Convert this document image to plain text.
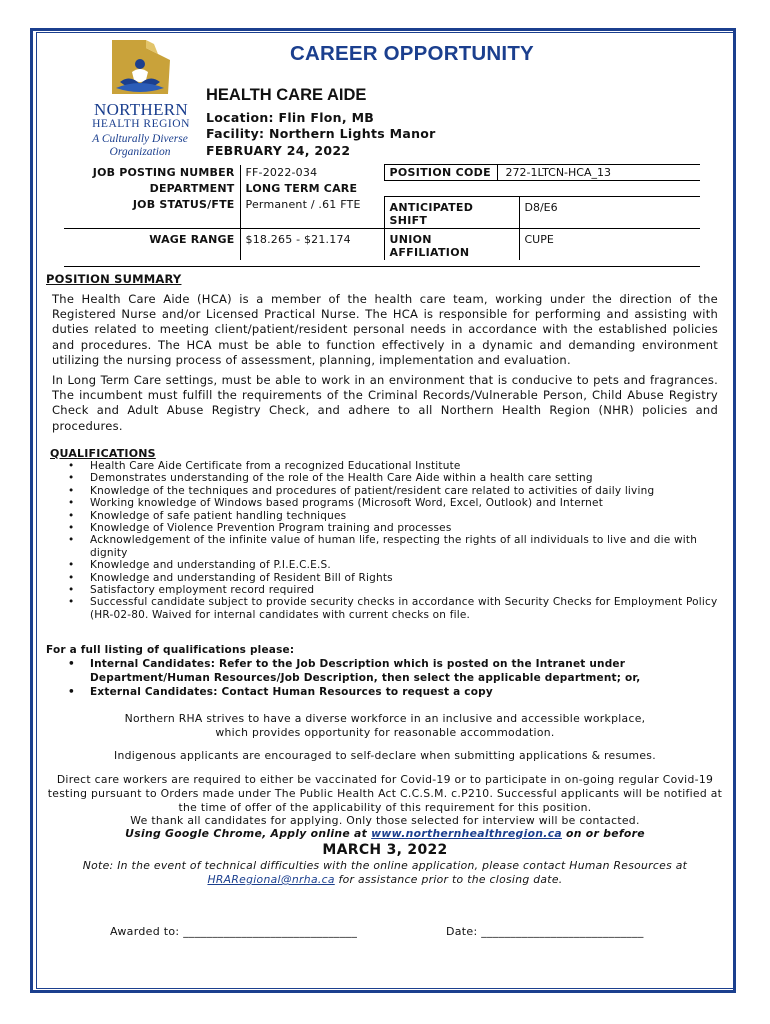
NORTHERN
HEALTH REGION
A Culturally Diverse
Organization
CAREER OPPORTUNITY
HEALTH CARE AIDE
Location: Flin Flon, MB
Facility: Northern Lights Manor
FEBRUARY 24, 2022
JOB POSTING NUMBER	FF-2022-034	POSITION CODE	272-1LTCN-HCA_13	
DEPARTMENT	LONG TERM CARE			
JOB STATUS/FTE	Permanent / .61 FTE	ANTICIPATED SHIFT		D8/E6
WAGE RANGE	$18.265 - $21.174	UNION AFFILIATION		CUPE

POSITION SUMMARY
The Health Care Aide (HCA) is a member of the health care team, working under the direction of the Registered Nurse and/or Licensed Practical Nurse. The HCA is responsible for performing and assisting with duties related to meeting client/patient/resident personal needs in accordance with the established policies and procedures. The HCA must be able to function effectively in a dynamic and demanding environment utilizing the nursing process of assessment, planning, implementation and evaluation.
In Long Term Care settings, must be able to work in an environment that is conducive to pets and fragrances. The incumbent must fulfill the requirements of the Criminal Records/Vulnerable Person, Child Abuse Registry Check and Adult Abuse Registry Check, and adhere to all Northern Health Region (NHR) policies and procedures.
QUALIFICATIONS
• Health Care Aide Certificate from a recognized Educational Institute
• Demonstrates understanding of the role of the Health Care Aide within a health care setting
• Knowledge of the techniques and procedures of patient/resident care related to activities of daily living
• Working knowledge of Windows based programs (Microsoft Word, Excel, Outlook) and Internet
• Knowledge of safe patient handling techniques
• Knowledge of Violence Prevention Program training and processes
• Acknowledgement of the infinite value of human life, respecting the rights of all individuals to live and die with dignity
• Knowledge and understanding of P.I.E.C.E.S.
• Knowledge and understanding of Resident Bill of Rights
• Satisfactory employment record required
• Successful candidate subject to provide security checks in accordance with Security Checks for Employment Policy (HR-02-80. Waived for internal candidates with current checks on file.
For a full listing of qualifications please:
• Internal Candidates: Refer to the Job Description which is posted on the Intranet under Department/Human Resources/Job Description, then select the applicable department; or,
• External Candidates: Contact Human Resources to request a copy
Northern RHA strives to have a diverse workforce in an inclusive and accessible workplace,
which provides opportunity for reasonable accommodation.
Indigenous applicants are encouraged to self-declare when submitting applications & resumes.
Direct care workers are required to either be vaccinated for Covid-19 or to participate in on-going regular Covid-19
testing pursuant to Orders made under The Public Health Act C.C.S.M. c.P210. Successful applicants will be notified at
the time of offer of the applicability of this requirement for this position.
We thank all candidates for applying. Only those selected for interview will be contacted.
Using Google Chrome, Apply online at www.northernhealthregion.ca on or before
MARCH 3, 2022
Note: In the event of technical difficulties with the online application, please contact Human Resources at
HRARegional@nrha.ca for assistance prior to the closing date.
Awarded to: ______________________________	Date: ____________________________
